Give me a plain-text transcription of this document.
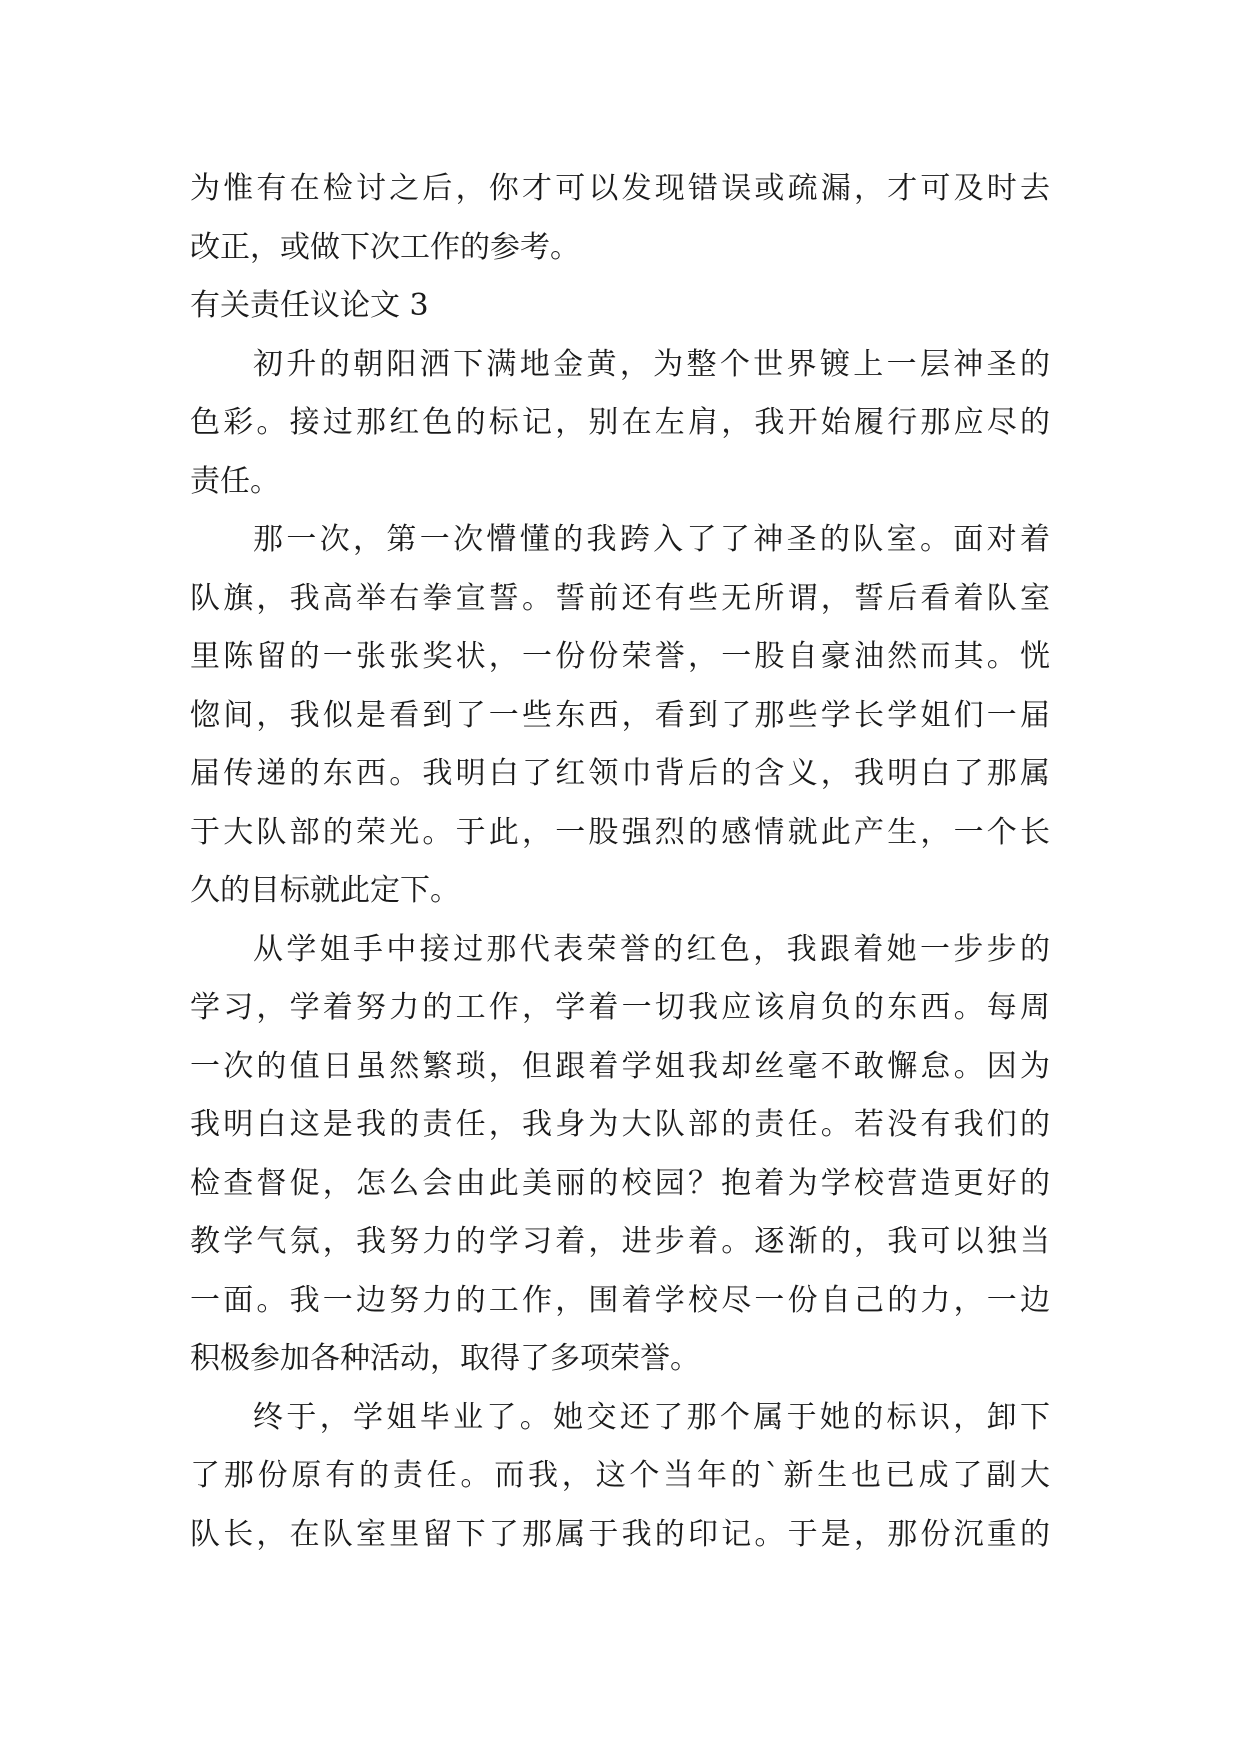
为惟有在检讨之后，你才可以发现错误或疏漏，才可及时去
改正，或做下次工作的参考。
有关责任议论文 3
初升的朝阳洒下满地金黄，为整个世界镀上一层神圣的
色彩。接过那红色的标记，别在左肩，我开始履行那应尽的
责任。
那一次，第一次懵懂的我跨入了了神圣的队室。面对着
队旗，我高举右拳宣誓。誓前还有些无所谓，誓后看着队室
里陈留的一张张奖状，一份份荣誉，一股自豪油然而其。恍
惚间，我似是看到了一些东西，看到了那些学长学姐们一届
届传递的东西。我明白了红领巾背后的含义，我明白了那属
于大队部的荣光。于此，一股强烈的感情就此产生，一个长
久的目标就此定下。
从学姐手中接过那代表荣誉的红色，我跟着她一步步的
学习，学着努力的工作，学着一切我应该肩负的东西。每周
一次的值日虽然繁琐，但跟着学姐我却丝毫不敢懈怠。因为
我明白这是我的责任，我身为大队部的责任。若没有我们的
检查督促，怎么会由此美丽的校园？抱着为学校营造更好的
教学气氛，我努力的学习着，进步着。逐渐的，我可以独当
一面。我一边努力的工作，围着学校尽一份自己的力，一边
积极参加各种活动，取得了多项荣誉。
终于，学姐毕业了。她交还了那个属于她的标识，卸下
了那份原有的责任。而我，这个当年的`新生也已成了副大
队长，在队室里留下了那属于我的印记。于是，那份沉重的
